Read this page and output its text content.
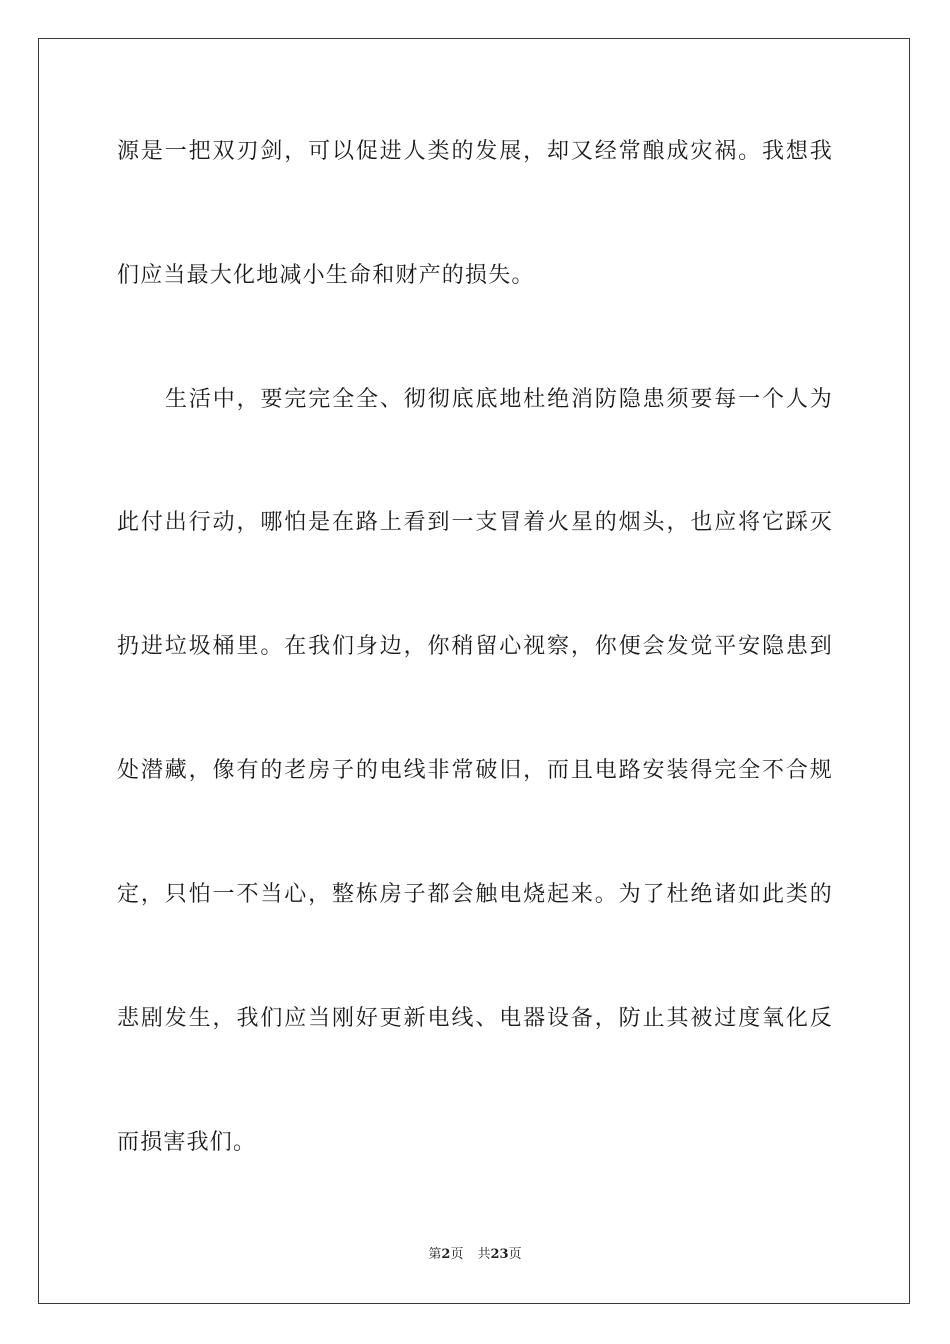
源是一把双刃剑，可以促进人类的发展，却又经常酿成灾祸。我想我
们应当最大化地减小生命和财产的损失。
生活中，要完完全全、彻彻底底地杜绝消防隐患须要每一个人为
此付出行动，哪怕是在路上看到一支冒着火星的烟头，也应将它踩灭
扔进垃圾桶里。在我们身边，你稍留心视察，你便会发觉平安隐患到
处潜藏，像有的老房子的电线非常破旧，而且电路安装得完全不合规
定，只怕一不当心，整栋房子都会触电烧起来。为了杜绝诸如此类的
悲剧发生，我们应当刚好更新电线、电器设备，防止其被过度氧化反
而损害我们。
第2页 共23页
